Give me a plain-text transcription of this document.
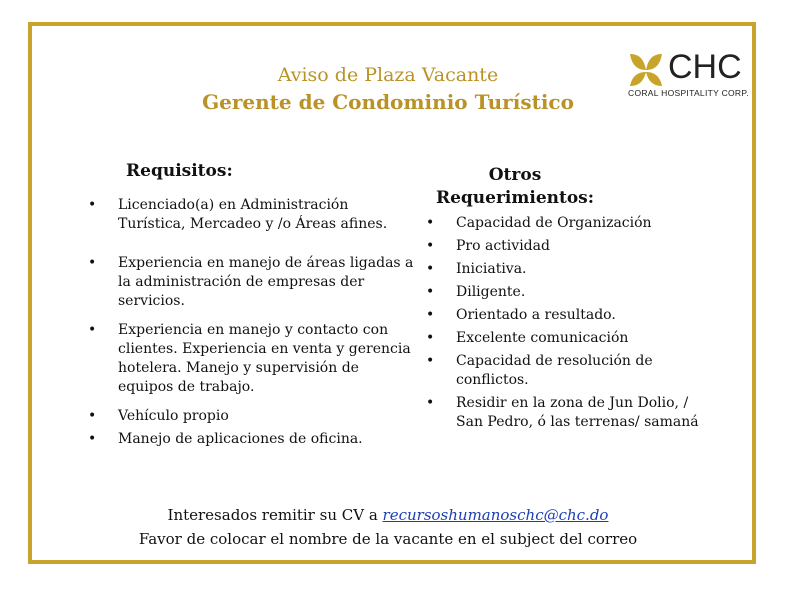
Aviso de Plaza Vacante
Gerente de Condominio Turístico
CHC
CORAL HOSPITALITY CORP.
Requisitos:
• Licenciado(a) en Administración Turística, Mercadeo y /o Áreas afines.
• Experiencia en manejo de áreas ligadas a la administración de empresas der servicios.
• Experiencia en manejo y contacto con clientes. Experiencia en venta y gerencia hotelera. Manejo y supervisión de equipos de trabajo.
• Vehículo propio
• Manejo de aplicaciones de oficina.
Otros Requerimientos:
• Capacidad de Organización
• Pro actividad
• Iniciativa.
• Diligente.
• Orientado a resultado.
• Excelente comunicación
• Capacidad de resolución de conflictos.
• Residir en la zona de Jun Dolio, / San Pedro, ó las terrenas/ samaná
Interesados remitir su CV a recursoshumanoschc@chc.do
Favor de colocar el nombre de la vacante en el subject del correo
